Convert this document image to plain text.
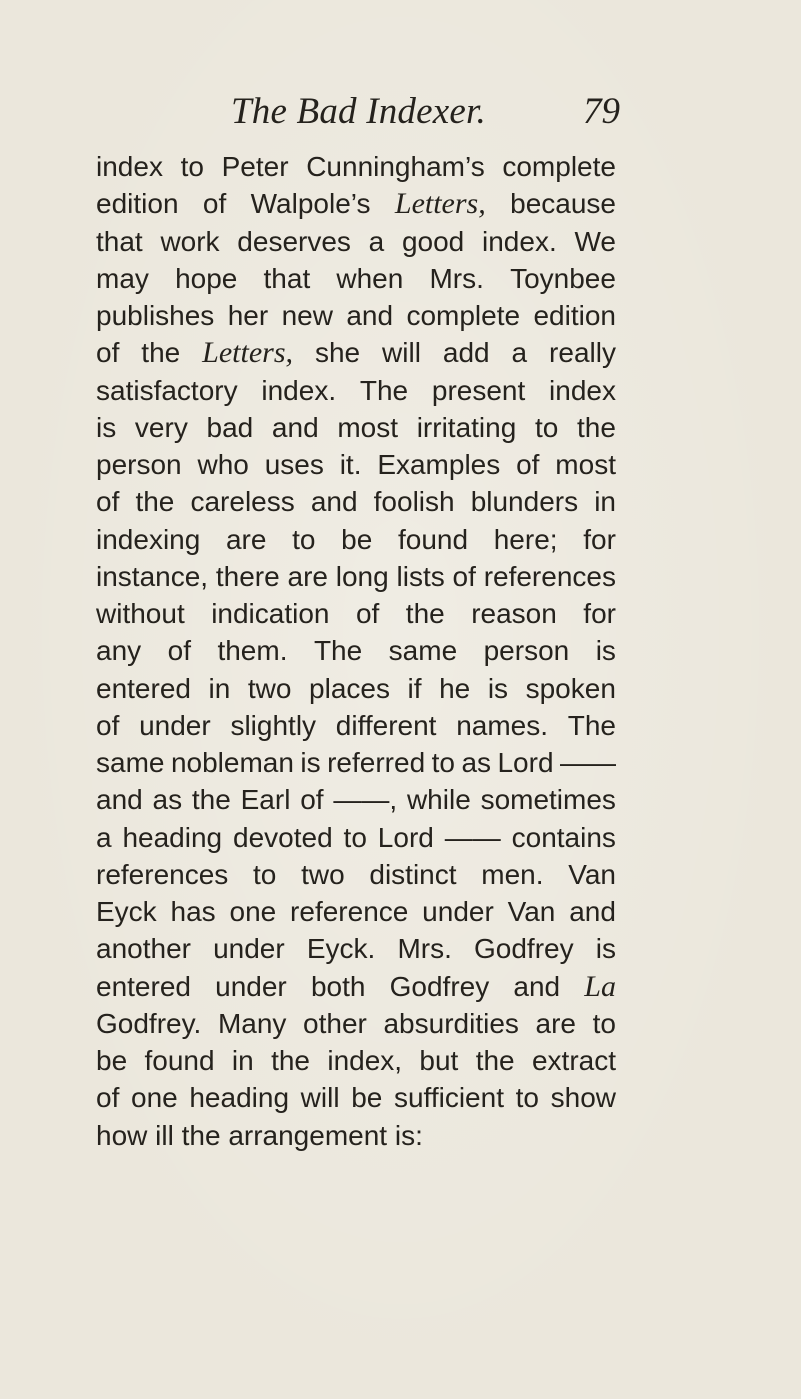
The Bad Indexer.	79
index to Peter Cunningham’s complete
edition of Walpole’s Letters, because
that work deserves a good index. We
may hope that when Mrs. Toynbee
publishes her new and complete edition
of the Letters, she will add a really
satisfactory index. The present index
is very bad and most irritating to the
person who uses it. Examples of most
of the careless and foolish blunders in
indexing are to be found here; for
instance, there are long lists of references
without indication of the reason for
any of them. The same person is
entered in two places if he is spoken
of under slightly different names. The
same nobleman is referred to as Lord ——
and as the Earl of ——, while sometimes
a heading devoted to Lord —— contains
references to two distinct men. Van
Eyck has one reference under Van and
another under Eyck. Mrs. Godfrey is
entered under both Godfrey and La
Godfrey. Many other absurdities are to
be found in the index, but the extract
of one heading will be sufficient to show
how ill the arrangement is:
